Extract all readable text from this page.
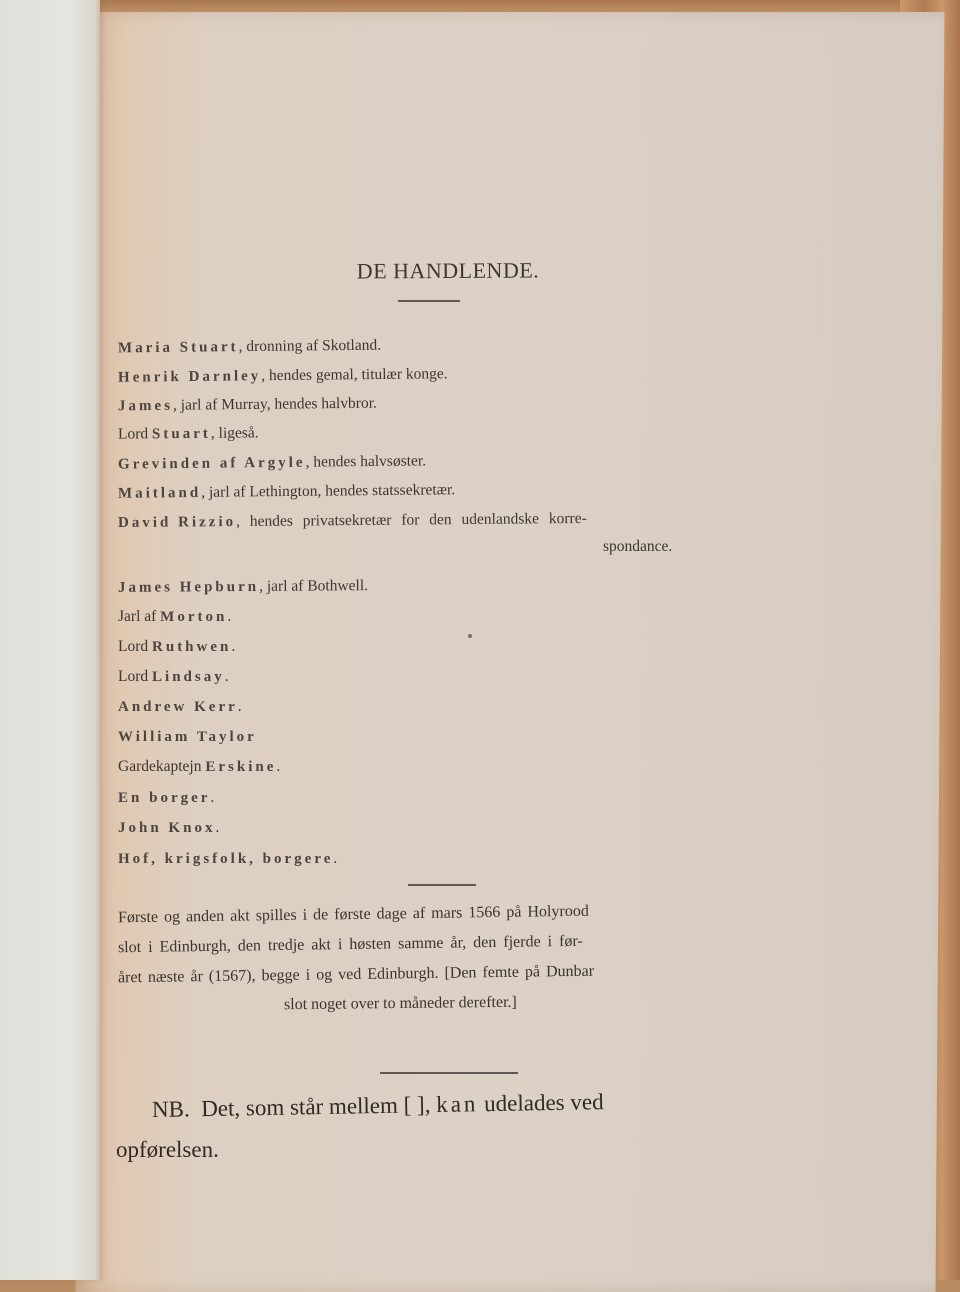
DE HANDLENDE.
Maria Stuart, dronning af Skotland.
Henrik Darnley, hendes gemal, titulær konge.
James, jarl af Murray, hendes halvbror.
Lord Stuart, ligeså.
Grevinden af Argyle, hendes halvsøster.
Maitland, jarl af Lethington, hendes statssekretær.
David Rizzio, hendes privatsekretær for den udenlandske korre-
spondance.
James Hepburn, jarl af Bothwell.
Jarl af Morton.
Lord Ruthwen.
Lord Lindsay.
Andrew Kerr.
William Taylor
Gardekaptejn Erskine.
En borger.
John Knox.
Hof, krigsfolk, borgere.
Første og anden akt spilles i de første dage af mars 1566 på Holyrood
slot i Edinburgh, den tredje akt i høsten samme år, den fjerde i før-
året næste år (1567), begge i og ved Edinburgh. [Den femte på Dunbar
slot noget over to måneder derefter.]
NB.  Det, som står mellem [ ], kan udelades ved
opførelsen.
